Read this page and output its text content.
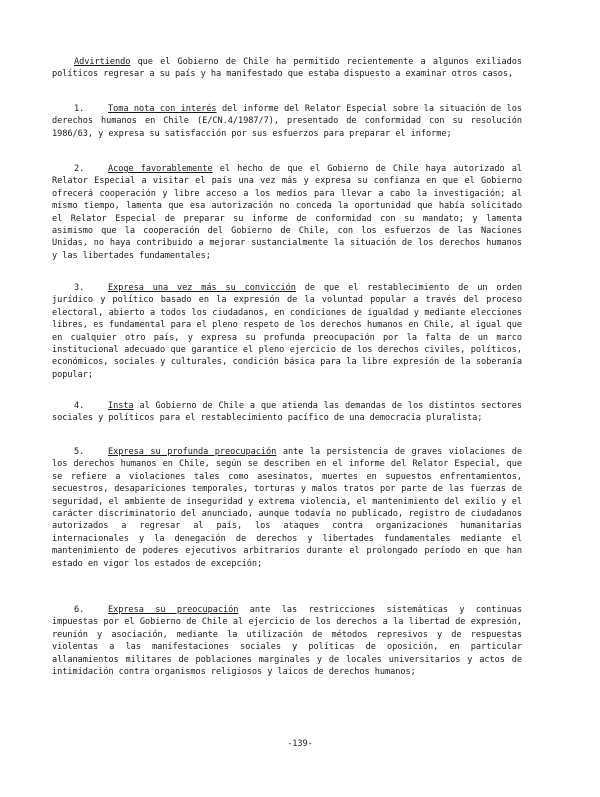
Advirtiendo que el Gobierno de Chile ha permitido recientemente a algunos exiliados políticos regresar a su país y ha manifestado que estaba dispuesto a examinar otros casos,

1.	Toma nota con interés del informe del Relator Especial sobre la situación de los derechos humanos en Chile (E/CN.4/1987/7), presentado de conformidad con su resolución 1986/63, y expresa su satisfacción por sus esfuerzos para preparar el informe;

2.	Acoge favorablemente el hecho de que el Gobierno de Chile haya autorizado al Relator Especial a visitar el país una vez más y expresa su confianza en que el Gobierno ofrecerá cooperación y libre acceso a los medios para llevar a cabo la investigación; al mismo tiempo, lamenta que esa autorización no conceda la oportunidad que había solicitado el Relator Especial de preparar su informe de conformidad con su mandato; y lamenta asimismo que la cooperación del Gobierno de Chile, con los esfuerzos de las Naciones Unidas, no haya contribuido a mejorar sustancialmente la situación de los derechos humanos y las libertades fundamentales;

3.	Expresa una vez más su convicción de que el restablecimiento de un orden jurídico y político basado en la expresión de la voluntad popular a través del proceso electoral, abierto a todos los ciudadanos, en condiciones de igualdad y mediante elecciones libres, es fundamental para el pleno respeto de los derechos humanos en Chile, al igual que en cualquier otro país, y expresa su profunda preocupación por la falta de un marco institucional adecuado que garantice el pleno ejercicio de los derechos civiles, políticos, económicos, sociales y culturales, condición básica para la libre expresión de la soberanía popular;

4.	Insta al Gobierno de Chile a que atienda las demandas de los distintos sectores sociales y políticos para el restablecimiento pacífico de una democracia pluralista;

5.	Expresa su profunda preocupación ante la persistencia de graves violaciones de los derechos humanos en Chile, según se describen en el informe del Relator Especial, que se refiere a violaciones tales como asesinatos, muertes en supuestos enfrentamientos, secuestros, desapariciones temporales, torturas y malos tratos por parte de las fuerzas de seguridad, el ambiente de inseguridad y extrema violencia, el mantenimiento del exilio y el carácter discriminatorio del anunciado, aunque todavía no publicado, registro de ciudadanos autorizados a regresar al país, los ataques contra organizaciones humanitarias internacionales y la denegación de derechos y libertades fundamentales mediante el mantenimiento de poderes ejecutivos arbitrarios durante el prolongado período en que han estado en vigor los estados de excepción;

6.	Expresa su preocupación ante las restricciones sistemáticas y continuas impuestas por el Gobierno de Chile al ejercicio de los derechos a la libertad de expresión, reunión y asociación, mediante la utilización de métodos represivos y de respuestas violentas a las manifestaciones sociales y políticas de oposición, en particular allanamientos militares de poblaciones marginales y de locales universitarios y actos de intimidación contra organismos religiosos y laicos de derechos humanos;

-139-
